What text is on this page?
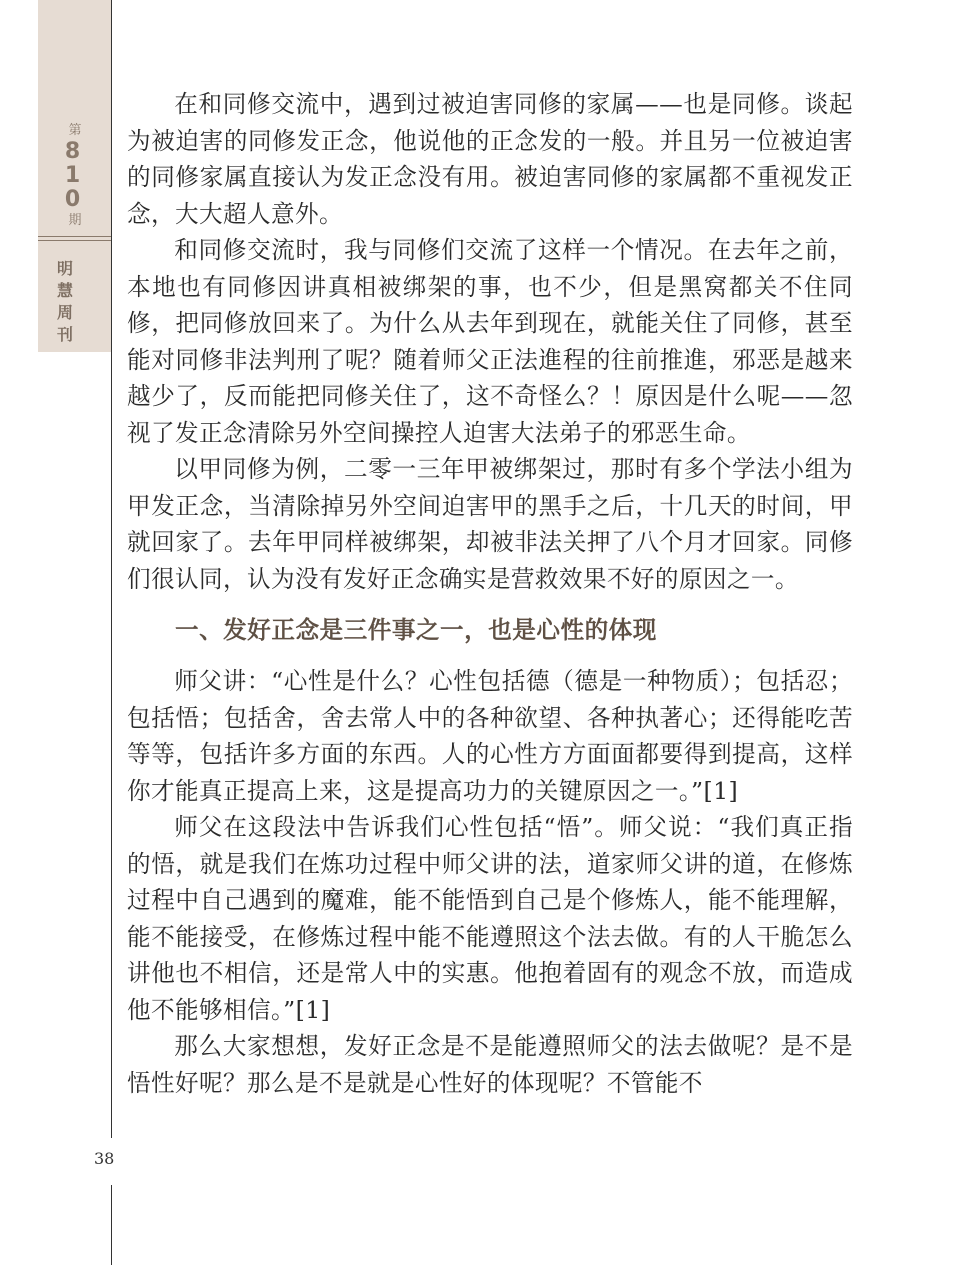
第
8
1
0
期
明
慧
周
刊
38

在和同修交流中，遇到过被迫害同修的家属——也是同修。谈起为被迫害的同修发正念，他说他的正念发的一般。并且另一位被迫害的同修家属直接认为发正念没有用。被迫害同修的家属都不重视发正念，大大超人意外。

和同修交流时，我与同修们交流了这样一个情况。在去年之前，本地也有同修因讲真相被绑架的事，也不少，但是黑窝都关不住同修，把同修放回来了。为什么从去年到现在，就能关住了同修，甚至能对同修非法判刑了呢？随着师父正法進程的往前推進，邪恶是越来越少了，反而能把同修关住了，这不奇怪么？！原因是什么呢——忽视了发正念清除另外空间操控人迫害大法弟子的邪恶生命。

以甲同修为例，二零一三年甲被绑架过，那时有多个学法小组为甲发正念，当清除掉另外空间迫害甲的黑手之后，十几天的时间，甲就回家了。去年甲同样被绑架，却被非法关押了八个月才回家。同修们很认同，认为没有发好正念确实是营救效果不好的原因之一。

一、发好正念是三件事之一，也是心性的体现

师父讲：“心性是什么？心性包括德（德是一种物质）；包括忍；包括悟；包括舍，舍去常人中的各种欲望、各种执著心；还得能吃苦等等，包括许多方面的东西。人的心性方方面面都要得到提高，这样你才能真正提高上来，这是提高功力的关键原因之一。”[1]

师父在这段法中告诉我们心性包括“悟”。师父说：“我们真正指的悟，就是我们在炼功过程中师父讲的法，道家师父讲的道，在修炼过程中自己遇到的魔难，能不能悟到自己是个修炼人，能不能理解，能不能接受，在修炼过程中能不能遵照这个法去做。有的人干脆怎么讲他也不相信，还是常人中的实惠。他抱着固有的观念不放，而造成他不能够相信。”[1]

那么大家想想，发好正念是不是能遵照师父的法去做呢？是不是悟性好呢？那么是不是就是心性好的体现呢？不管能不
